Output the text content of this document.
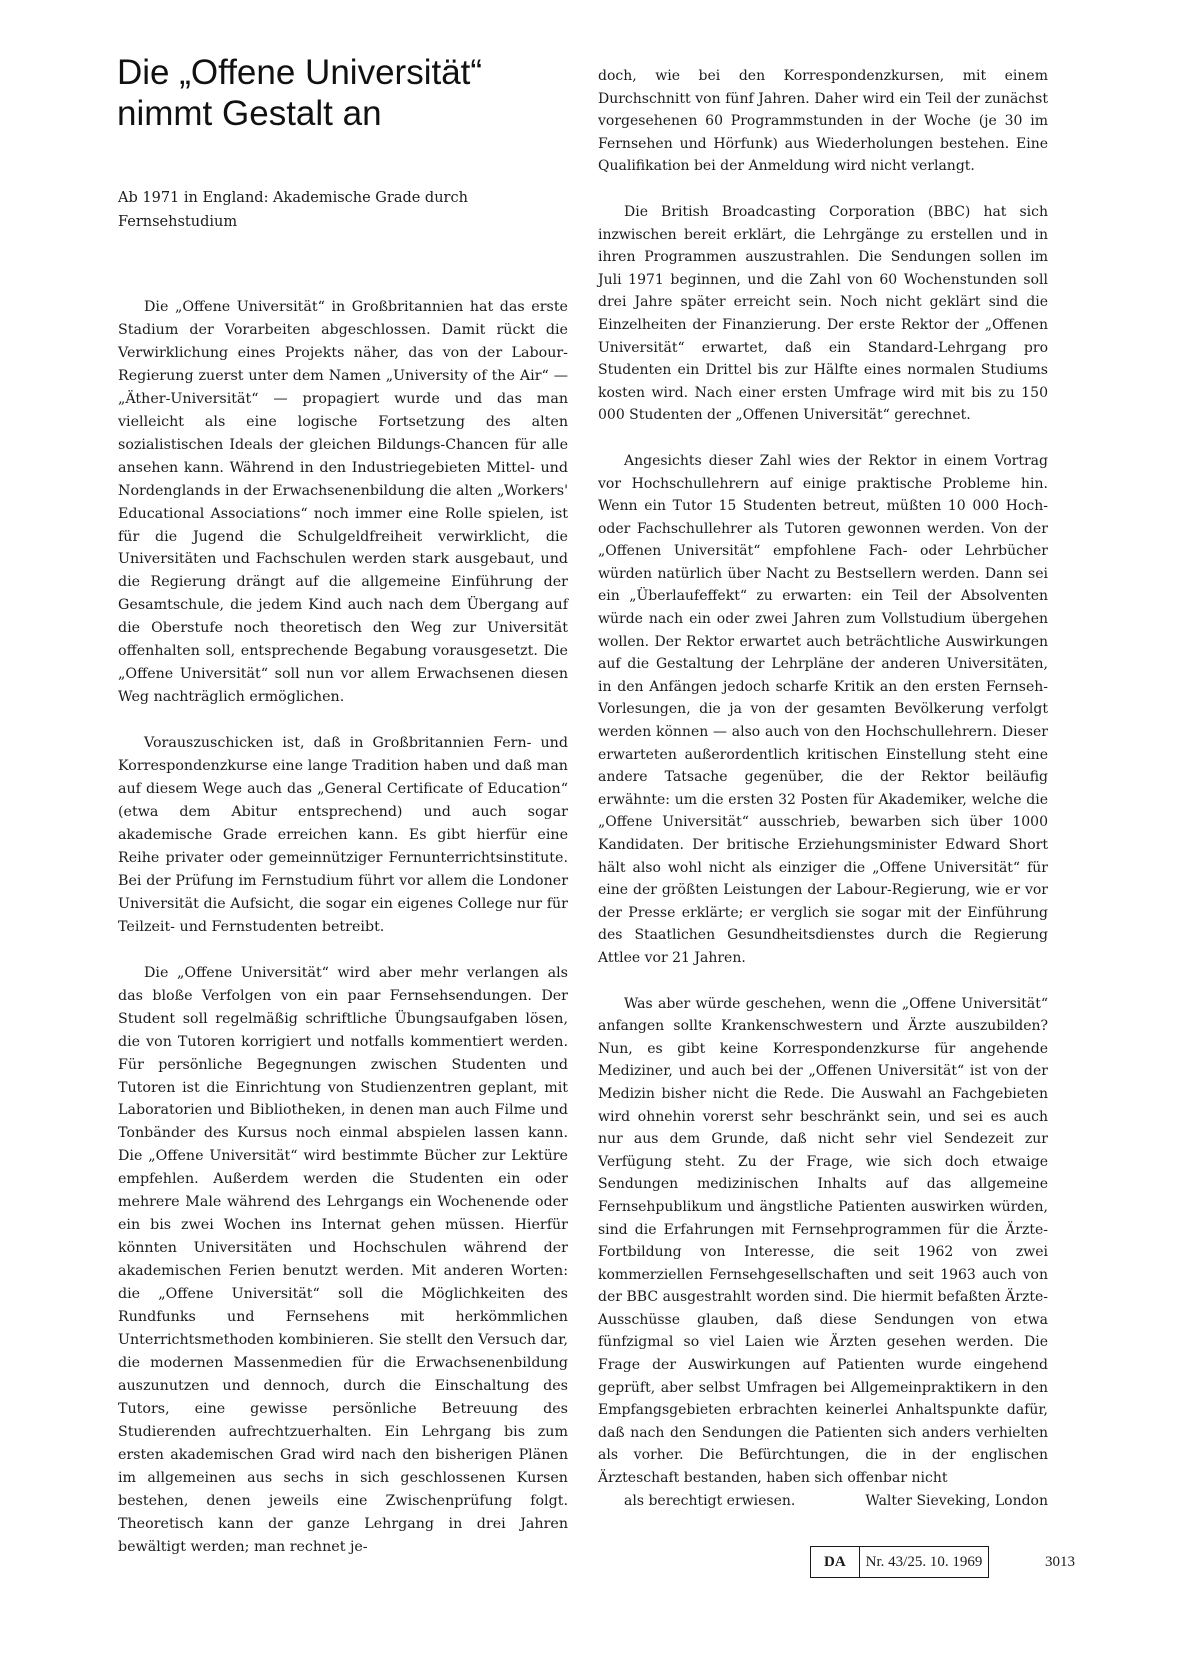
Die „Offene Universität“ nimmt Gestalt an
Ab 1971 in England: Akademische Grade durch Fernsehstudium

Die „Offene Universität“ in Großbritannien hat das erste Stadium der Vorarbeiten abgeschlossen. Damit rückt die Verwirklichung eines Projekts näher, das von der Labour-Regierung zuerst unter dem Namen „University of the Air“ — „Äther-Universität“ — propagiert wurde und das man vielleicht als eine logische Fortsetzung des alten sozialistischen Ideals der gleichen Bildungs-Chancen für alle ansehen kann. Während in den Industriegebieten Mittel- und Nordenglands in der Erwachsenenbildung die alten „Workers' Educational Associations“ noch immer eine Rolle spielen, ist für die Jugend die Schulgeldfreiheit verwirklicht, die Universitäten und Fachschulen werden stark ausgebaut, und die Regierung drängt auf die allgemeine Einführung der Gesamtschule, die jedem Kind auch nach dem Übergang auf die Oberstufe noch theoretisch den Weg zur Universität offenhalten soll, entsprechende Begabung vorausgesetzt. Die „Offene Universität“ soll nun vor allem Erwachsenen diesen Weg nachträglich ermöglichen.

Vorauszuschicken ist, daß in Großbritannien Fern- und Korrespondenzkurse eine lange Tradition haben und daß man auf diesem Wege auch das „General Certificate of Education“ (etwa dem Abitur entsprechend) und auch sogar akademische Grade erreichen kann. Es gibt hierfür eine Reihe privater oder gemeinnütziger Fernunterrichtsinstitute. Bei der Prüfung im Fernstudium führt vor allem die Londoner Universität die Aufsicht, die sogar ein eigenes College nur für Teilzeit- und Fernstudenten betreibt.

Die „Offene Universität“ wird aber mehr verlangen als das bloße Verfolgen von ein paar Fernsehsendungen. Der Student soll regelmäßig schriftliche Übungsaufgaben lösen, die von Tutoren korrigiert und notfalls kommentiert werden. Für persönliche Begegnungen zwischen Studenten und Tutoren ist die Einrichtung von Studienzentren geplant, mit Laboratorien und Bibliotheken, in denen man auch Filme und Tonbänder des Kursus noch einmal abspielen lassen kann. Die „Offene Universität“ wird bestimmte Bücher zur Lektüre empfehlen. Außerdem werden die Studenten ein oder mehrere Male während des Lehrgangs ein Wochenende oder ein bis zwei Wochen ins Internat gehen müssen. Hierfür könnten Universitäten und Hochschulen während der akademischen Ferien benutzt werden. Mit anderen Worten: die „Offene Universität“ soll die Möglichkeiten des Rundfunks und Fernsehens mit herkömmlichen Unterrichtsmethoden kombinieren. Sie stellt den Versuch dar, die modernen Massenmedien für die Erwachsenenbildung auszunutzen und dennoch, durch die Einschaltung des Tutors, eine gewisse persönliche Betreuung des Studierenden aufrechtzuerhalten. Ein Lehrgang bis zum ersten akademischen Grad wird nach den bisherigen Plänen im allgemeinen aus sechs in sich geschlossenen Kursen bestehen, denen jeweils eine Zwischenprüfung folgt. Theoretisch kann der ganze Lehrgang in drei Jahren bewältigt werden; man rechnet je-

doch, wie bei den Korrespondenzkursen, mit einem Durchschnitt von fünf Jahren. Daher wird ein Teil der zunächst vorgesehenen 60 Programmstunden in der Woche (je 30 im Fernsehen und Hörfunk) aus Wiederholungen bestehen. Eine Qualifikation bei der Anmeldung wird nicht verlangt.

Die British Broadcasting Corporation (BBC) hat sich inzwischen bereit erklärt, die Lehrgänge zu erstellen und in ihren Programmen auszustrahlen. Die Sendungen sollen im Juli 1971 beginnen, und die Zahl von 60 Wochenstunden soll drei Jahre später erreicht sein. Noch nicht geklärt sind die Einzelheiten der Finanzierung. Der erste Rektor der „Offenen Universität“ erwartet, daß ein Standard-Lehrgang pro Studenten ein Drittel bis zur Hälfte eines normalen Studiums kosten wird. Nach einer ersten Umfrage wird mit bis zu 150 000 Studenten der „Offenen Universität“ gerechnet.

Angesichts dieser Zahl wies der Rektor in einem Vortrag vor Hochschullehrern auf einige praktische Probleme hin. Wenn ein Tutor 15 Studenten betreut, müßten 10 000 Hoch- oder Fachschullehrer als Tutoren gewonnen werden. Von der „Offenen Universität“ empfohlene Fach- oder Lehrbücher würden natürlich über Nacht zu Bestsellern werden. Dann sei ein „Überlaufeffekt“ zu erwarten: ein Teil der Absolventen würde nach ein oder zwei Jahren zum Vollstudium übergehen wollen. Der Rektor erwartet auch beträchtliche Auswirkungen auf die Gestaltung der Lehrpläne der anderen Universitäten, in den Anfängen jedoch scharfe Kritik an den ersten Fernseh-Vorlesungen, die ja von der gesamten Bevölkerung verfolgt werden können — also auch von den Hochschullehrern. Dieser erwarteten außerordentlich kritischen Einstellung steht eine andere Tatsache gegenüber, die der Rektor beiläufig erwähnte: um die ersten 32 Posten für Akademiker, welche die „Offene Universität“ ausschrieb, bewarben sich über 1000 Kandidaten. Der britische Erziehungsminister Edward Short hält also wohl nicht als einziger die „Offene Universität“ für eine der größten Leistungen der Labour-Regierung, wie er vor der Presse erklärte; er verglich sie sogar mit der Einführung des Staatlichen Gesundheitsdienstes durch die Regierung Attlee vor 21 Jahren.

Was aber würde geschehen, wenn die „Offene Universität“ anfangen sollte Krankenschwestern und Ärzte auszubilden? Nun, es gibt keine Korrespondenzkurse für angehende Mediziner, und auch bei der „Offenen Universität“ ist von der Medizin bisher nicht die Rede. Die Auswahl an Fachgebieten wird ohnehin vorerst sehr beschränkt sein, und sei es auch nur aus dem Grunde, daß nicht sehr viel Sendezeit zur Verfügung steht. Zu der Frage, wie sich doch etwaige Sendungen medizinischen Inhalts auf das allgemeine Fernsehpublikum und ängstliche Patienten auswirken würden, sind die Erfahrungen mit Fernsehprogrammen für die Ärzte-Fortbildung von Interesse, die seit 1962 von zwei kommerziellen Fernsehgesellschaften und seit 1963 auch von der BBC ausgestrahlt worden sind. Die hiermit befaßten Ärzte-Ausschüsse glauben, daß diese Sendungen von etwa fünfzigmal so viel Laien wie Ärzten gesehen werden. Die Frage der Auswirkungen auf Patienten wurde eingehend geprüft, aber selbst Umfragen bei Allgemeinpraktikern in den Empfangsgebieten erbrachten keinerlei Anhaltspunkte dafür, daß nach den Sendungen die Patienten sich anders verhielten als vorher. Die Befürchtungen, die in der englischen Ärzteschaft bestanden, haben sich offenbar nicht
als berechtigt erwiesen.	Walter Sieveking, London

DA	Nr. 43/25. 10. 1969	3013
